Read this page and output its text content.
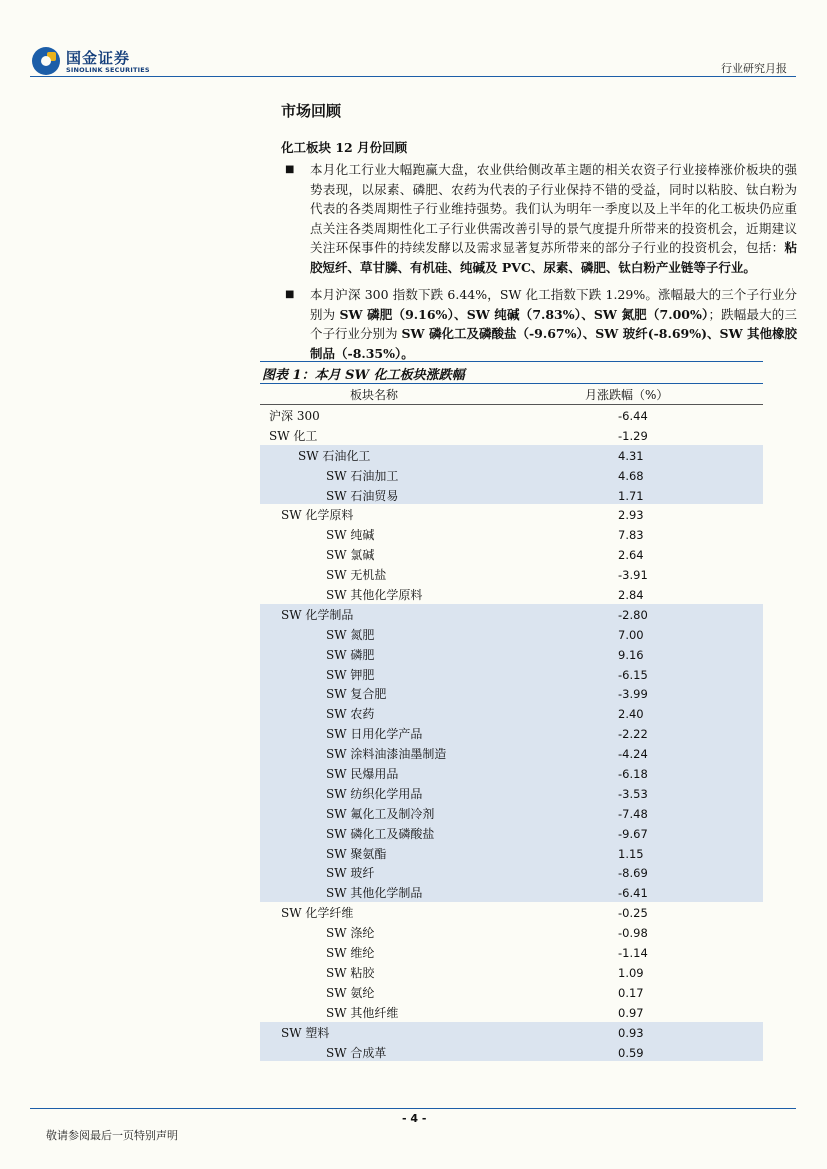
国金证券
SINOLINK SECURITIES	行业研究月报
市场回顾
化工板块 12 月份回顾
■ 本月化工行业大幅跑赢大盘，农业供给侧改革主题的相关农资子行业接棒涨价板块的强势表现，以尿素、磷肥、农药为代表的子行业保持不错的受益，同时以粘胶、钛白粉为代表的各类周期性子行业维持强势。我们认为明年一季度以及上半年的化工板块仍应重点关注各类周期性化工子行业供需改善引导的景气度提升所带来的投资机会，近期建议关注环保事件的持续发酵以及需求显著复苏所带来的部分子行业的投资机会，包括：粘胶短纤、草甘膦、有机硅、纯碱及 PVC、尿素、磷肥、钛白粉产业链等子行业。
■ 本月沪深 300 指数下跌 6.44%，SW 化工指数下跌 1.29%。涨幅最大的三个子行业分别为 SW 磷肥（9.16%）、SW 纯碱（7.83%）、SW 氮肥（7.00%）；跌幅最大的三个子行业分别为 SW 磷化工及磷酸盐（-9.67%）、SW 玻纤(-8.69%)、SW 其他橡胶制品（-8.35%）。
图表 1：本月 SW 化工板块涨跌幅
板块名称	月涨跌幅（%）
沪深 300	-6.44
SW 化工	-1.29
SW 石油化工	4.31
SW 石油加工	4.68
SW 石油贸易	1.71
SW 化学原料	2.93
SW 纯碱	7.83
SW 氯碱	2.64
SW 无机盐	-3.91
SW 其他化学原料	2.84
SW 化学制品	-2.80
SW 氮肥	7.00
SW 磷肥	9.16
SW 钾肥	-6.15
SW 复合肥	-3.99
SW 农药	2.40
SW 日用化学产品	-2.22
SW 涂料油漆油墨制造	-4.24
SW 民爆用品	-6.18
SW 纺织化学用品	-3.53
SW 氟化工及制冷剂	-7.48
SW 磷化工及磷酸盐	-9.67
SW 聚氨酯	1.15
SW 玻纤	-8.69
SW 其他化学制品	-6.41
SW 化学纤维	-0.25
SW 涤纶	-0.98
SW 维纶	-1.14
SW 粘胶	1.09
SW 氨纶	0.17
SW 其他纤维	0.97
SW 塑料	0.93
SW 合成革	0.59
- 4 -
敬请参阅最后一页特别声明
